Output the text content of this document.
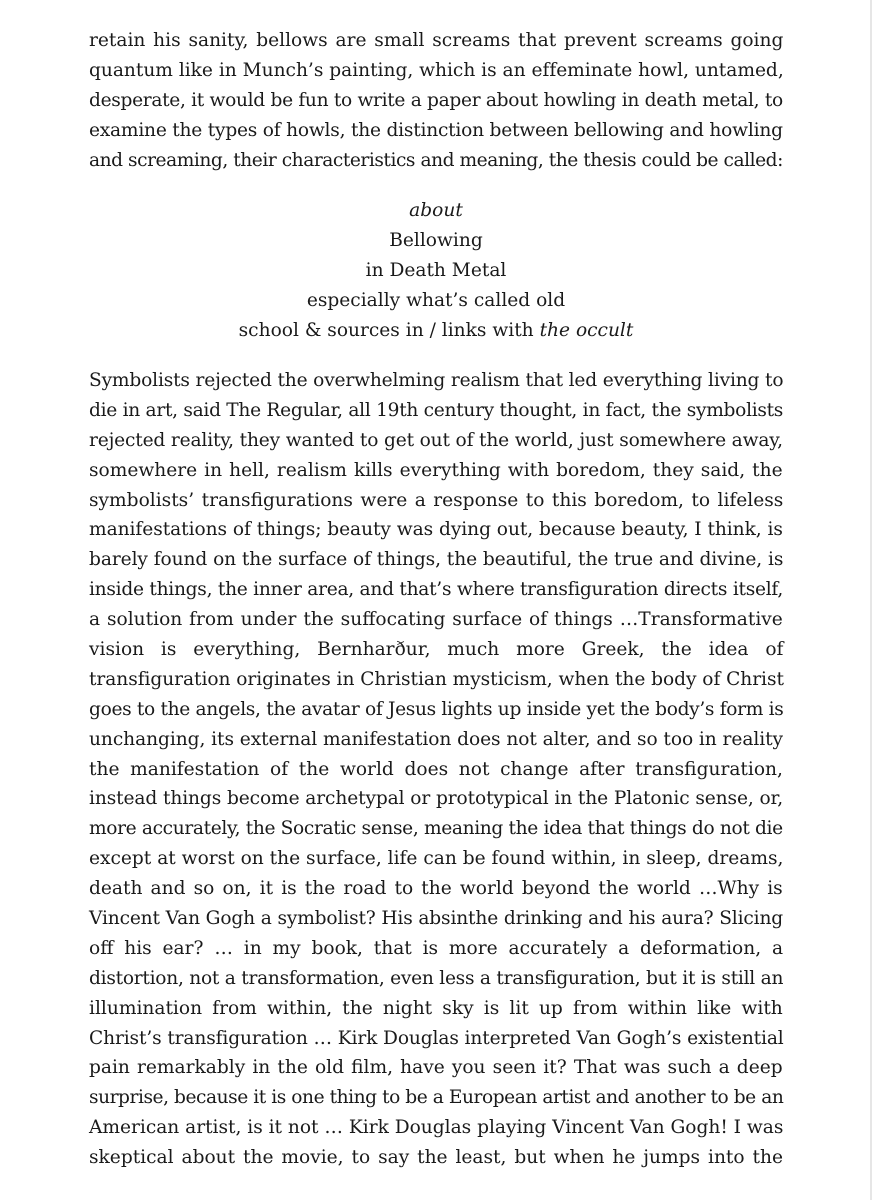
retain his sanity, bellows are small screams that prevent screams going
quantum like in Munch’s painting, which is an effeminate howl, untamed,
desperate, it would be fun to write a paper about howling in death metal, to
examine the types of howls, the distinction between bellowing and howling
and screaming, their characteristics and meaning, the thesis could be called:
about
Bellowing
in Death Metal
especially what’s called old
school & sources in / links with the occult
Symbolists rejected the overwhelming realism that led everything living to
die in art, said The Regular, all 19th century thought, in fact, the symbolists
rejected reality, they wanted to get out of the world, just somewhere away,
somewhere in hell, realism kills everything with boredom, they said, the
symbolists’ transfigurations were a response to this boredom, to lifeless
manifestations of things; beauty was dying out, because beauty, I think, is
barely found on the surface of things, the beautiful, the true and divine, is
inside things, the inner area, and that’s where transfiguration directs itself,
a solution from under the suffocating surface of things …Transformative
vision is everything, Bernharður, much more Greek, the idea of
transfiguration originates in Christian mysticism, when the body of Christ
goes to the angels, the avatar of Jesus lights up inside yet the body’s form is
unchanging, its external manifestation does not alter, and so too in reality
the manifestation of the world does not change after transfiguration,
instead things become archetypal or prototypical in the Platonic sense, or,
more accurately, the Socratic sense, meaning the idea that things do not die
except at worst on the surface, life can be found within, in sleep, dreams,
death and so on, it is the road to the world beyond the world …Why is
Vincent Van Gogh a symbolist? His absinthe drinking and his aura? Slicing
off his ear? … in my book, that is more accurately a deformation, a
distortion, not a transformation, even less a transfiguration, but it is still an
illumination from within, the night sky is lit up from within like with
Christ’s transfiguration … Kirk Douglas interpreted Van Gogh’s existential
pain remarkably in the old film, have you seen it? That was such a deep
surprise, because it is one thing to be a European artist and another to be an
American artist, is it not … Kirk Douglas playing Vincent Van Gogh! I was
skeptical about the movie, to say the least, but when he jumps into the
